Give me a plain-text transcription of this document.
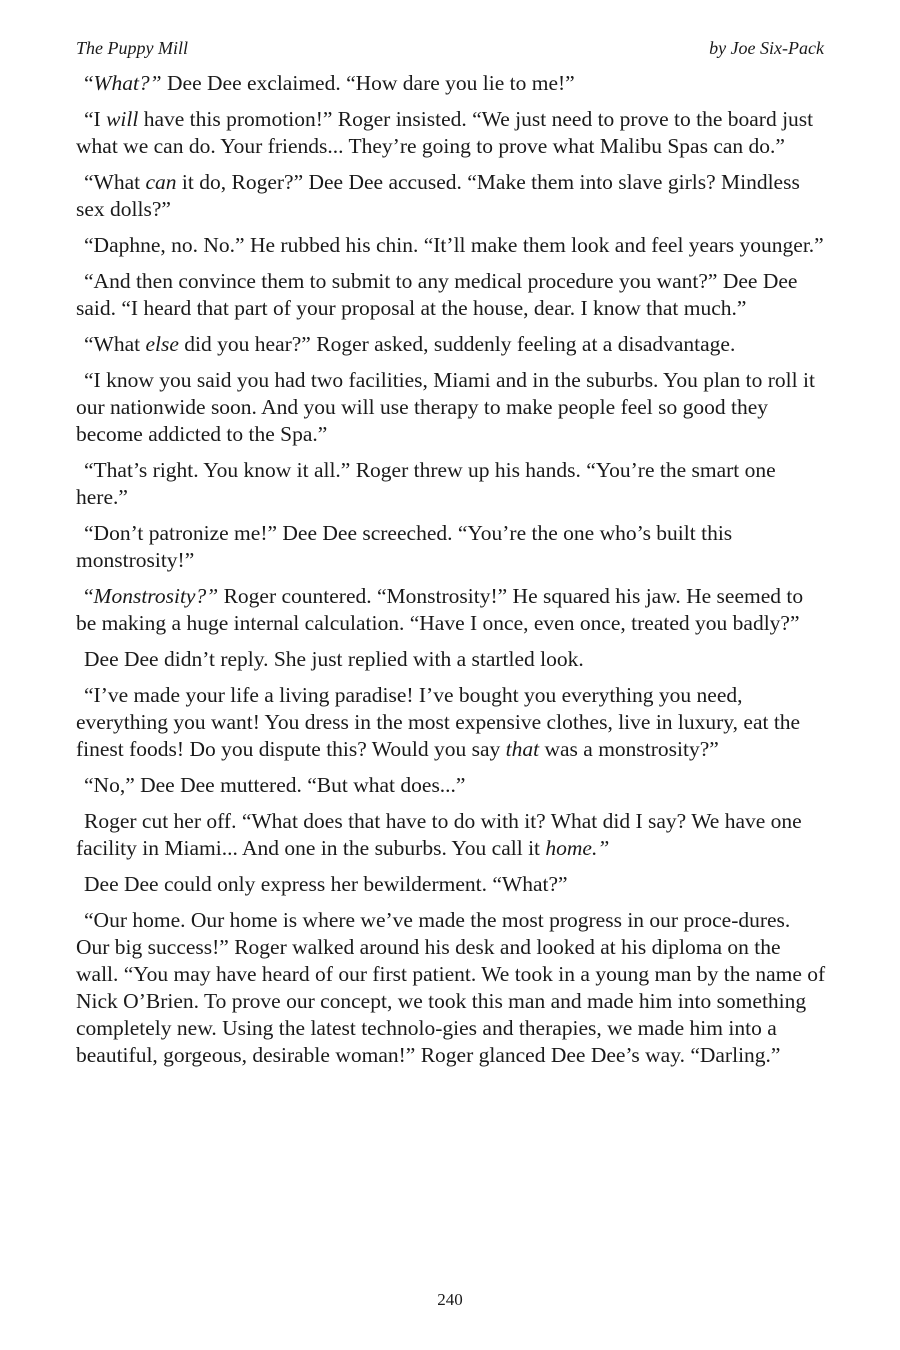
The Puppy Mill	by Joe Six-Pack

“What?” Dee Dee exclaimed. “How dare you lie to me!”

“I will have this promotion!” Roger insisted. “We just need to prove to the board just what we can do. Your friends... They’re going to prove what Malibu Spas can do.”

“What can it do, Roger?” Dee Dee accused. “Make them into slave girls? Mindless sex dolls?”

“Daphne, no. No.” He rubbed his chin. “It’ll make them look and feel years younger.”

“And then convince them to submit to any medical procedure you want?” Dee Dee said. “I heard that part of your proposal at the house, dear. I know that much.”

“What else did you hear?” Roger asked, suddenly feeling at a disadvantage.

“I know you said you had two facilities, Miami and in the suburbs. You plan to roll it our nationwide soon. And you will use therapy to make people feel so good they become addicted to the Spa.”

“That’s right. You know it all.” Roger threw up his hands. “You’re the smart one here.”

“Don’t patronize me!” Dee Dee screeched. “You’re the one who’s built this monstrosity!”

“Monstrosity?” Roger countered. “Monstrosity!” He squared his jaw. He seemed to be making a huge internal calculation. “Have I once, even once, treated you badly?”

Dee Dee didn’t reply. She just replied with a startled look.

“I’ve made your life a living paradise! I’ve bought you everything you need, everything you want! You dress in the most expensive clothes, live in luxury, eat the finest foods! Do you dispute this? Would you say that was a monstrosity?”

“No,” Dee Dee muttered. “But what does...”

Roger cut her off. “What does that have to do with it? What did I say? We have one facility in Miami... And one in the suburbs. You call it home.”

Dee Dee could only express her bewilderment. “What?”

“Our home. Our home is where we’ve made the most progress in our proce-dures. Our big success!” Roger walked around his desk and looked at his diploma on the wall. “You may have heard of our first patient. We took in a young man by the name of Nick O’Brien. To prove our concept, we took this man and made him into something completely new. Using the latest technolo-gies and therapies, we made him into a beautiful, gorgeous, desirable woman!” Roger glanced Dee Dee’s way. “Darling.”

240
